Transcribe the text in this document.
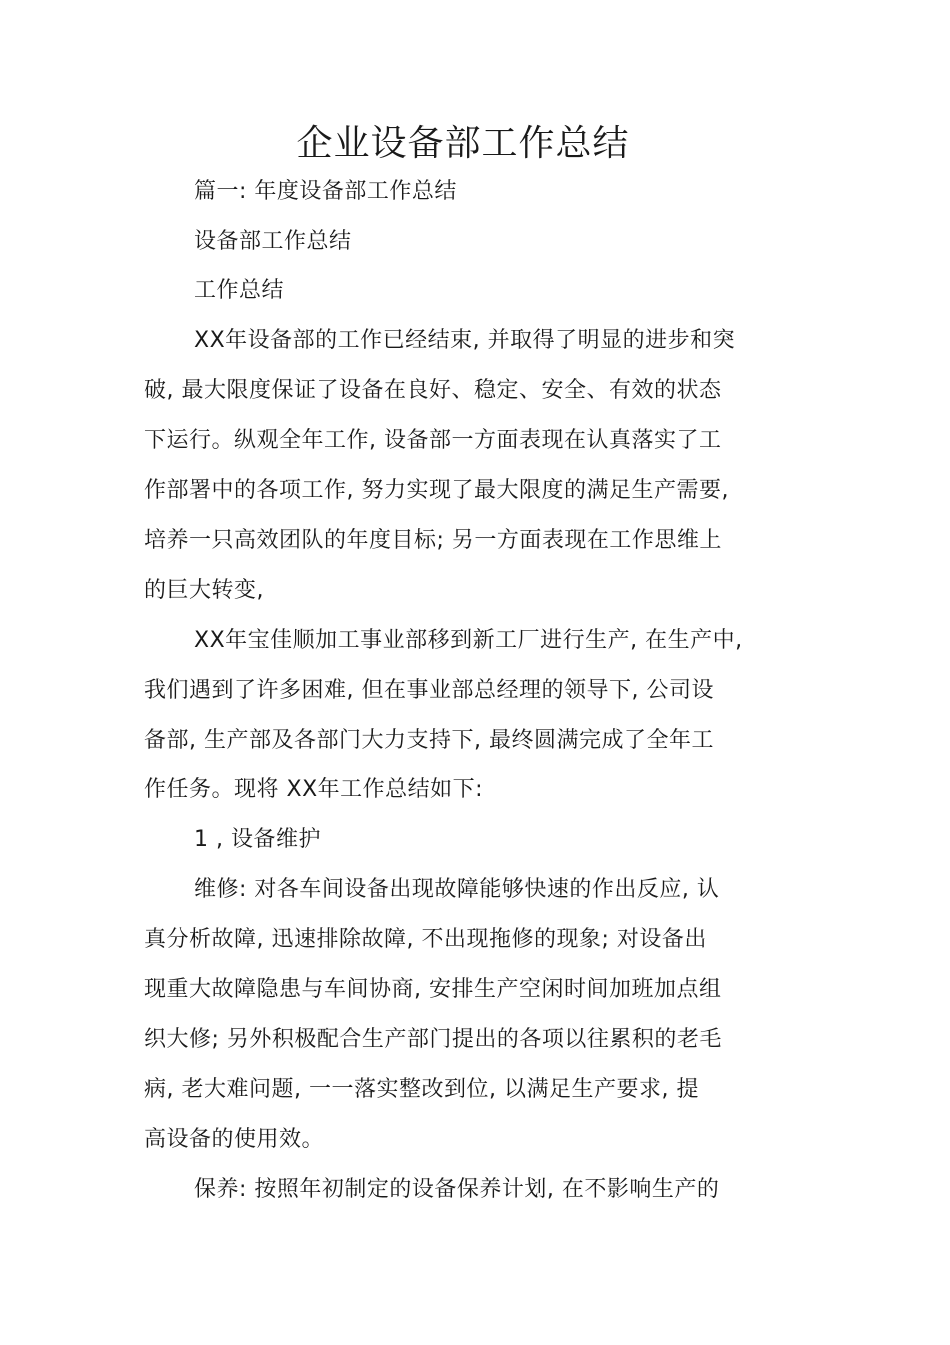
企业设备部工作总结

篇一: 年度设备部工作总结

设备部工作总结

工作总结

XX年设备部的工作已经结束, 并取得了明显的进步和突

破, 最大限度保证了设备在良好、稳定、安全、有效的状态

下运行。纵观全年工作, 设备部一方面表现在认真落实了工

作部署中的各项工作, 努力实现了最大限度的满足生产需要,

培养一只高效团队的年度目标; 另一方面表现在工作思维上

的巨大转变,

XX年宝佳顺加工事业部移到新工厂进行生产, 在生产中,

我们遇到了许多困难, 但在事业部总经理的领导下, 公司设

备部, 生产部及各部门大力支持下, 最终圆满完成了全年工

作任务。现将 XX年工作总结如下:

1 , 设备维护

维修: 对各车间设备出现故障能够快速的作出反应, 认

真分析故障, 迅速排除故障, 不出现拖修的现象; 对设备出

现重大故障隐患与车间协商, 安排生产空闲时间加班加点组

织大修; 另外积极配合生产部门提出的各项以往累积的老毛

病, 老大难问题, 一一落实整改到位, 以满足生产要求, 提

高设备的使用效。

保养: 按照年初制定的设备保养计划, 在不影响生产的
